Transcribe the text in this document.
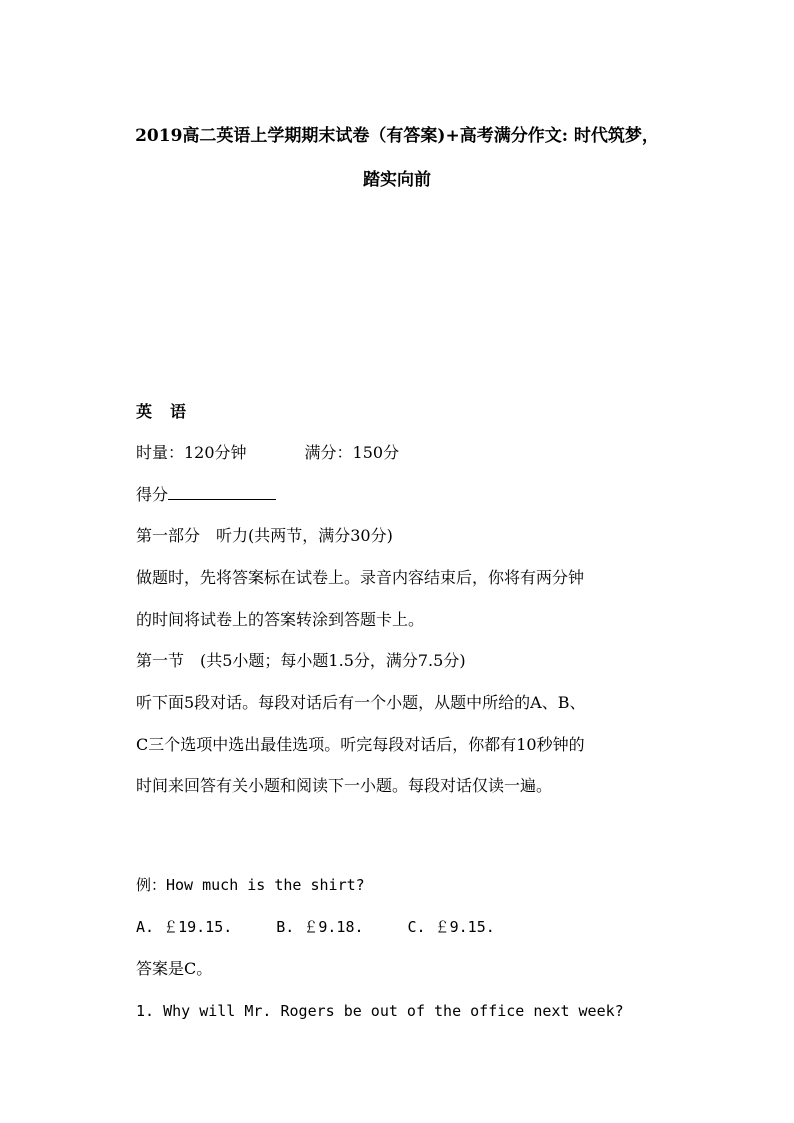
2019高二英语上学期期末试卷（有答案)+高考满分作文: 时代筑梦，
踏实向前
英　语
时量：120分钟	满分：150分
得分
第一部分　听力(共两节，满分30分)
做题时，先将答案标在试卷上。录音内容结束后，你将有两分钟
的时间将试卷上的答案转涂到答题卡上。
第一节　(共5小题；每小题1.5分，满分7.5分)
听下面5段对话。每段对话后有一个小题，从题中所给的A、B、
C三个选项中选出最佳选项。听完每段对话后，你都有10秒钟的
时间来回答有关小题和阅读下一小题。每段对话仅读一遍。
例：How much is the shirt?
A. ￡19.15.	B. ￡9.18.	C. ￡9.15.
答案是C。
1. Why will Mr. Rogers be out of the office next week?
